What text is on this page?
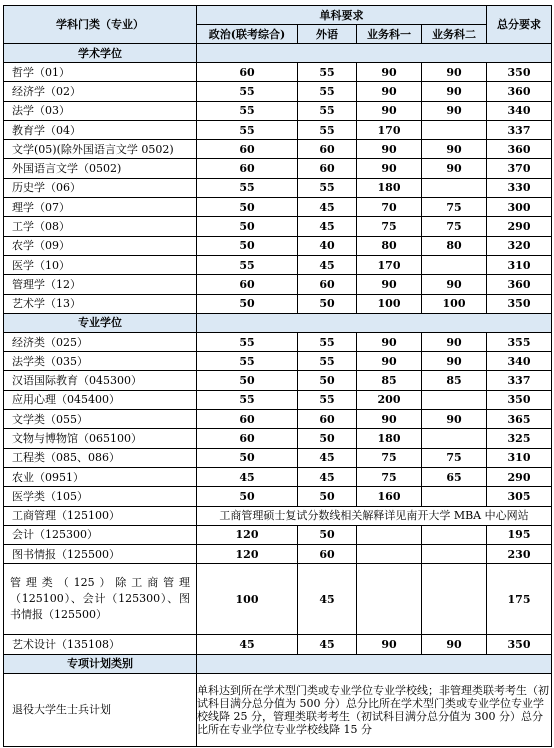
学科门类（专业）	单科要求				总分要求
	政治(联考综合)	外语	业务科一	业务科二	
学术学位					
哲学（01）	60	55	90	90	350
经济学（02）	55	55	90	90	360
法学（03）	55	55	90	90	340
教育学（04）	55	55	170		337
文学(05)(除外国语言文学 0502)	60	60	90	90	360
外国语言文学（0502)	60	60	90	90	370
历史学（06）	55	55	180		330
理学（07）	50	45	70	75	300
工学（08）	50	45	75	75	290
农学（09）	50	40	80	80	320
医学（10）	55	45	170		310
管理学（12）	60	60	90	90	360
艺术学（13）	50	50	100	100	350
专业学位					
经济类（025）	55	55	90	90	355
法学类（035）	55	55	90	90	340
汉语国际教育（045300）	50	50	85	85	337
应用心理（045400）	55	55	200		350
文学类（055）	60	60	90	90	365
文物与博物馆（065100）	60	50	180		325
工程类（085、086）	50	45	75	75	310
农业（0951）	45	45	75	65	290
医学类（105）	50	50	160		305
工商管理（125100）	工商管理硕士复试分数线相关解释详见南开大学 MBA 中心网站				
会计（125300）	120	50			195
图书情报（125500）	120	60			230
管理类（125）除工商管理（125100）、会计（125300）、图书情报（125500）	100	45			175
艺术设计（135108）	45	45	90	90	350
专项计划类别					
退役大学生士兵计划	单科达到所在学术型门类或专业学位专业学校线；非管理类联考考生（初试科目满分总分值为 500 分）总分比所在学术型门类或专业学位专业学校线降 25 分，管理类联考考生（初试科目满分总分值为 300 分）总分比所在专业学位专业学校线降 15 分				
